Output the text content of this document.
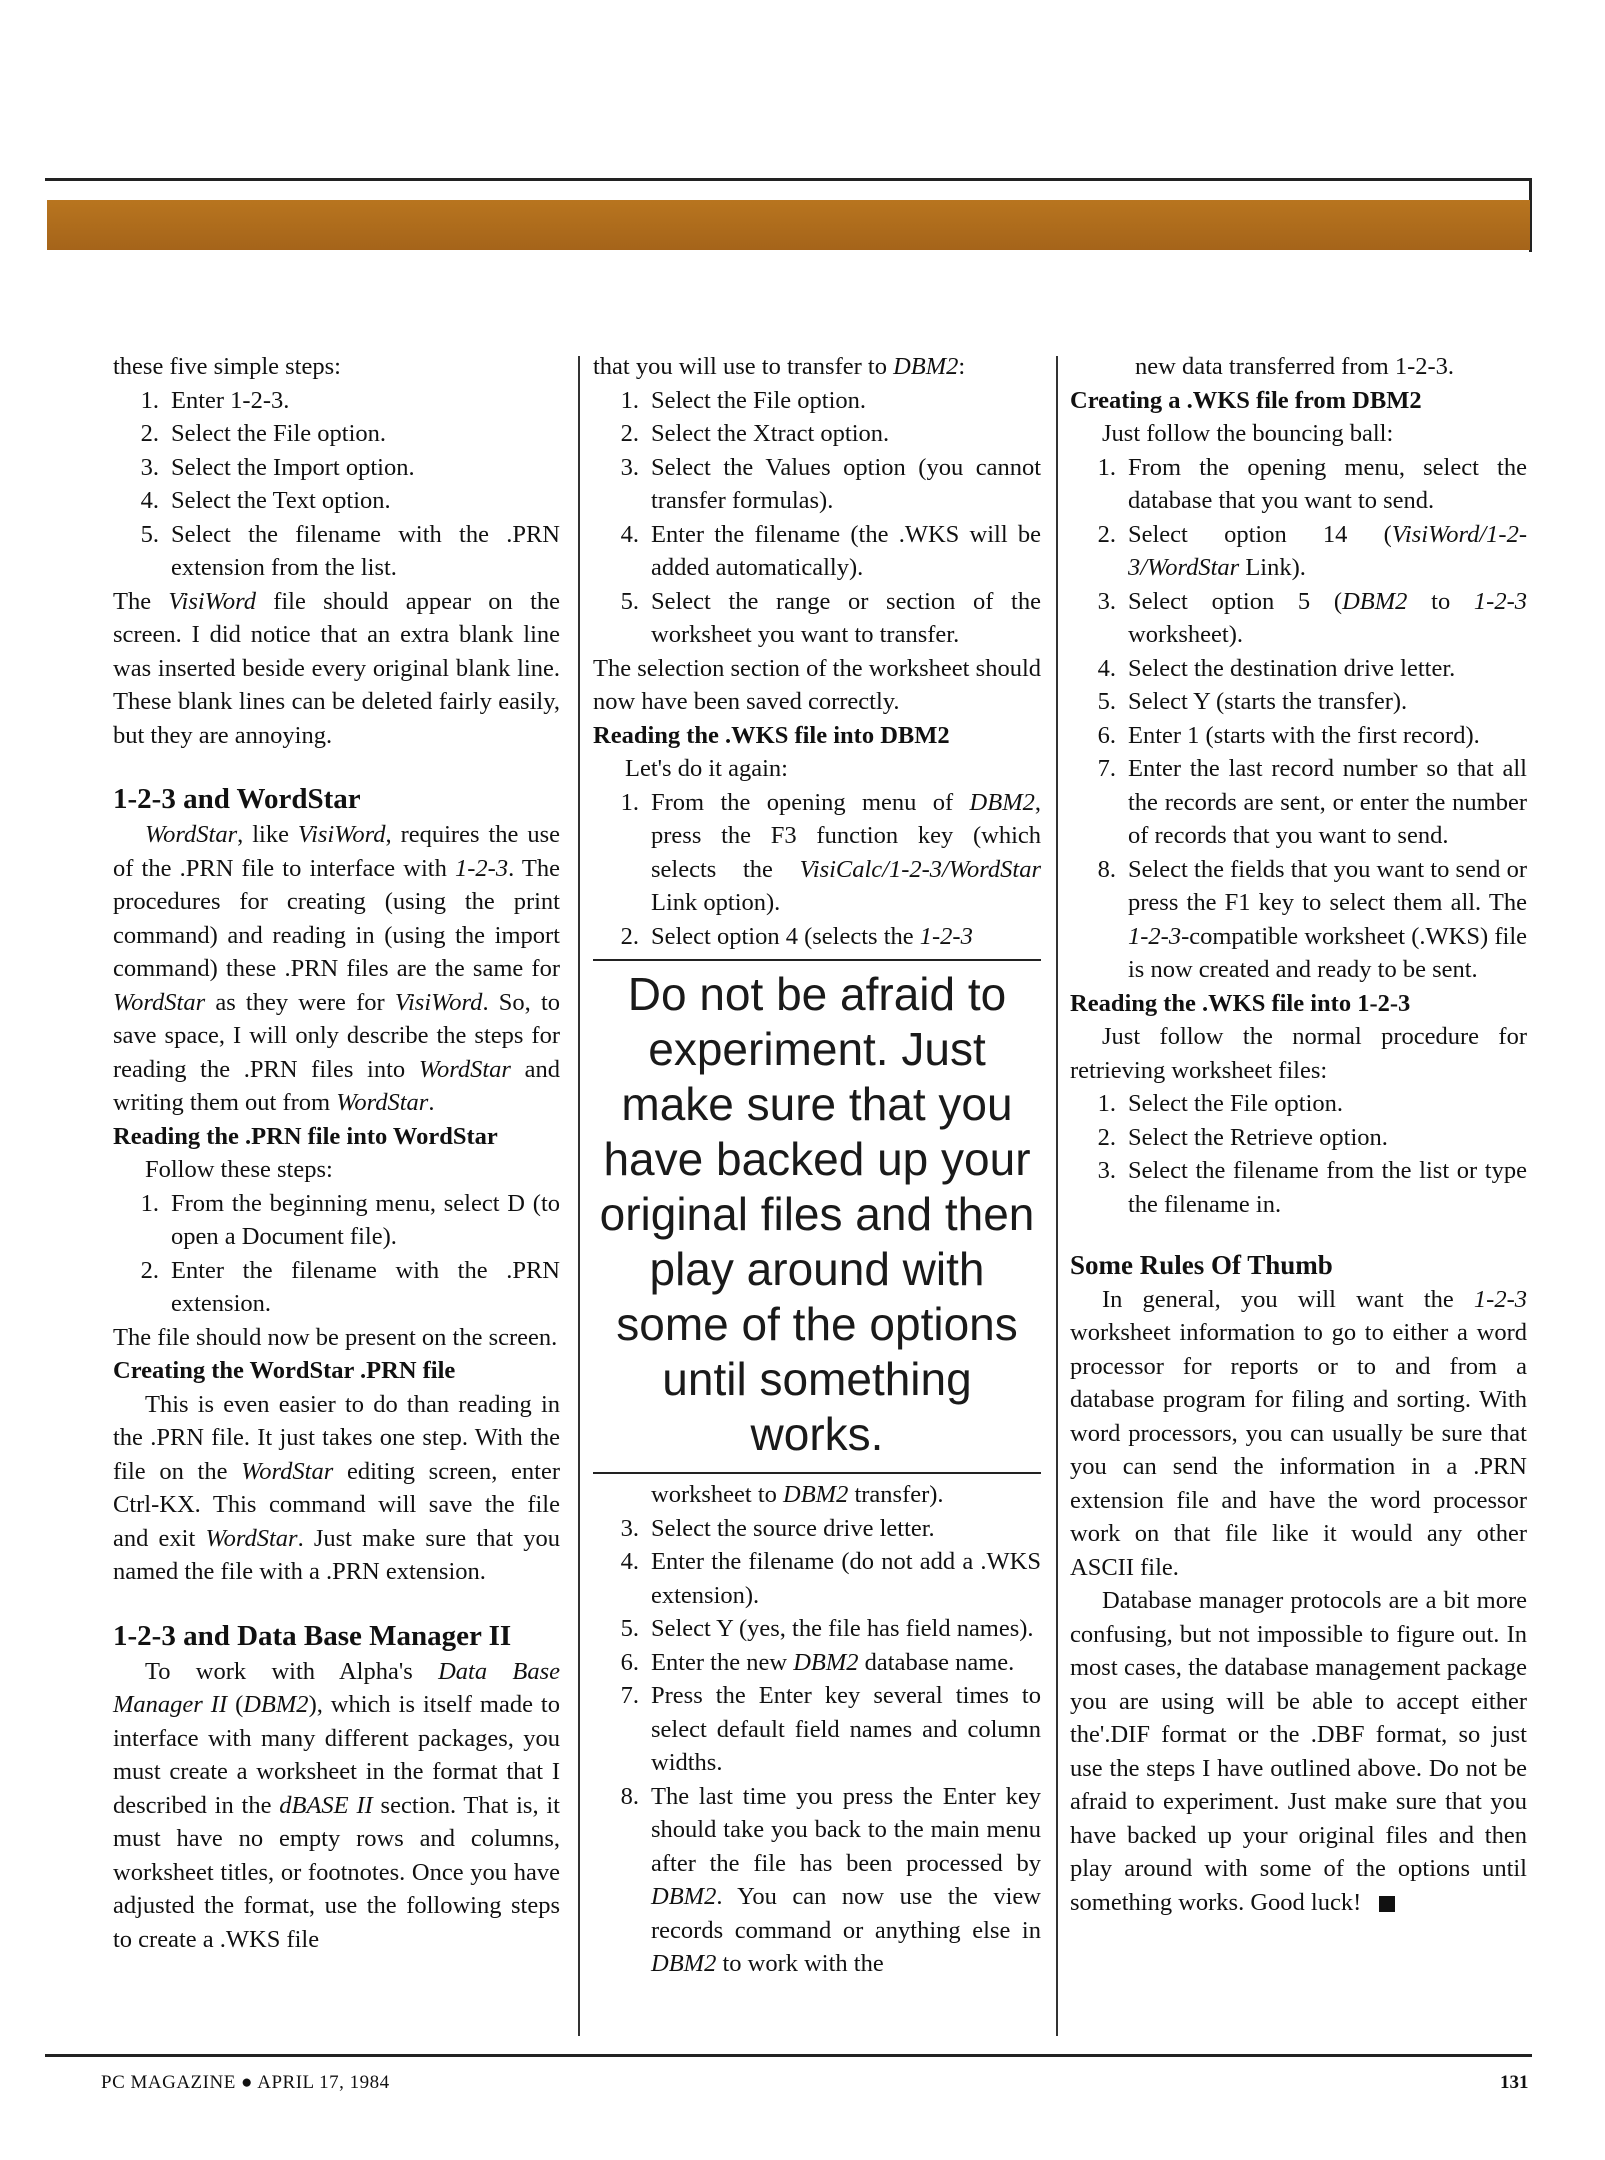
these five simple steps:

1. Enter 1-2-3.
2. Select the File option.
3. Select the Import option.
4. Select the Text option.
5. Select the filename with the .PRN extension from the list.

The VisiWord file should appear on the screen. I did notice that an extra blank line was inserted beside every original blank line. These blank lines can be deleted fairly easily, but they are annoying.

1-2-3 and WordStar

WordStar, like VisiWord, requires the use of the .PRN file to interface with 1-2-3. The procedures for creating (using the print command) and reading in (using the import command) these .PRN files are the same for WordStar as they were for VisiWord. So, to save space, I will only describe the steps for reading the .PRN files into WordStar and writing them out from WordStar.

Reading the .PRN file into WordStar

Follow these steps:

1. From the beginning menu, select D (to open a Document file).
2. Enter the filename with the .PRN extension.

The file should now be present on the screen.

Creating the WordStar .PRN file

This is even easier to do than reading in the .PRN file. It just takes one step. With the file on the WordStar editing screen, enter Ctrl-KX. This command will save the file and exit WordStar. Just make sure that you named the file with a .PRN extension.

1-2-3 and Data Base Manager II

To work with Alpha's Data Base Manager II (DBM2), which is itself made to interface with many different packages, you must create a worksheet in the format that I described in the dBASE II section. That is, it must have no empty rows and columns, worksheet titles, or footnotes. Once you have adjusted the format, use the following steps to create a .WKS file

that you will use to transfer to DBM2:

1. Select the File option.
2. Select the Xtract option.
3. Select the Values option (you cannot transfer formulas).
4. Enter the filename (the .WKS will be added automatically).
5. Select the range or section of the worksheet you want to transfer.

The selection section of the worksheet should now have been saved correctly.

Reading the .WKS file into DBM2

Let's do it again:

1. From the opening menu of DBM2, press the F3 function key (which selects the VisiCalc/1-2-3/WordStar Link option).
2. Select option 4 (selects the 1-2-3
Do not be afraid to experiment. Just make sure that you have backed up your original files and then play around with some of the options until something works.
worksheet to DBM2 transfer).
3. Select the source drive letter.
4. Enter the filename (do not add a .WKS extension).
5. Select Y (yes, the file has field names).
6. Enter the new DBM2 database name.
7. Press the Enter key several times to select default field names and column widths.
8. The last time you press the Enter key should take you back to the main menu after the file has been processed by DBM2. You can now use the view records command or anything else in DBM2 to work with the

new data transferred from 1-2-3.

Creating a .WKS file from DBM2

Just follow the bouncing ball:

1. From the opening menu, select the database that you want to send.
2. Select option 14 (VisiWord/1-2-3/WordStar Link).
3. Select option 5 (DBM2 to 1-2-3 worksheet).
4. Select the destination drive letter.
5. Select Y (starts the transfer).
6. Enter 1 (starts with the first record).
7. Enter the last record number so that all the records are sent, or enter the number of records that you want to send.
8. Select the fields that you want to send or press the F1 key to select them all. The 1-2-3-compatible worksheet (.WKS) file is now created and ready to be sent.
Reading the .WKS file into 1-2-3

Just follow the normal procedure for retrieving worksheet files:

1. Select the File option.
2. Select the Retrieve option.
3. Select the filename from the list or type the filename in.
Some Rules Of Thumb

In general, you will want the 1-2-3 worksheet information to go to either a word processor for reports or to and from a database program for filing and sorting. With word processors, you can usually be sure that you can send the information in a .PRN extension file and have the word processor work on that file like it would any other ASCII file.

Database manager protocols are a bit more confusing, but not impossible to figure out. In most cases, the database management package you are using will be able to accept either the'.DIF format or the .DBF format, so just use the steps I have outlined above. Do not be afraid to experiment. Just make sure that you have backed up your original files and then play around with some of the options until something works. Good luck!

PC MAGAZINE ● APRIL 17, 1984	131
